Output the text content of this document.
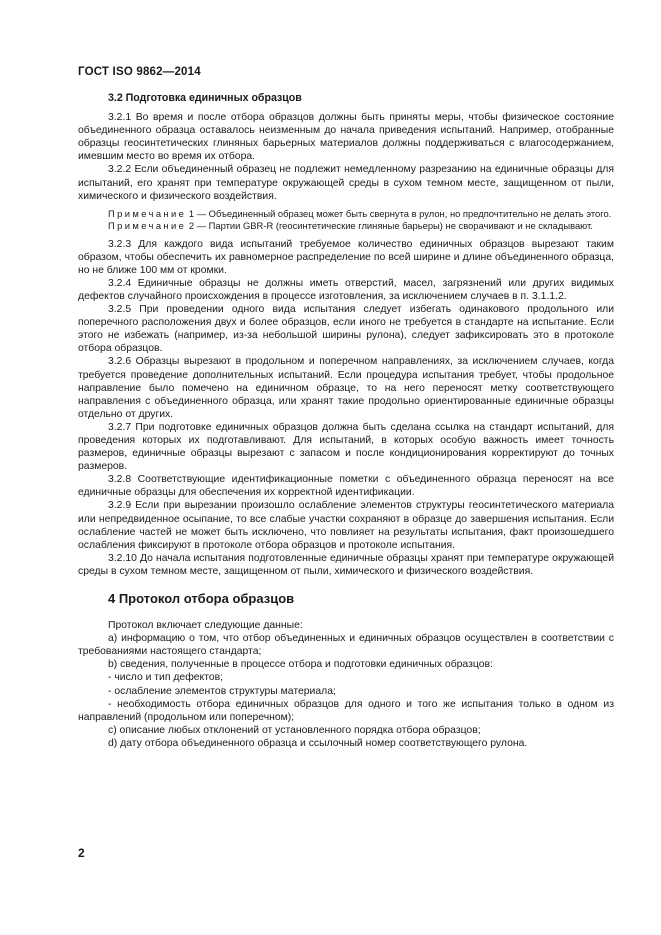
ГОСТ ISO 9862—2014

3.2 Подготовка единичных образцов

3.2.1 Во время и после отбора образцов должны быть приняты меры, чтобы физическое состояние объединенного образца оставалось неизменным до начала приведения испытаний. Например, отобранные образцы геосинтетических глиняных барьерных материалов должны поддерживаться с влагосодержанием, имевшим место во время их отбора.

3.2.2 Если объединенный образец не подлежит немедленному разрезанию на единичные образцы для испытаний, его хранят при температуре окружающей среды в сухом темном месте, защищенном от пыли, химического и физического воздействия.

Примечание 1 — Объединенный образец может быть свернута в рулон, но предпочтительно не делать этого.

Примечание 2 — Партии GBR-R (геосинтетические глиняные барьеры) не сворачивают и не складывают.

3.2.3 Для каждого вида испытаний требуемое количество единичных образцов вырезают таким образом, чтобы обеспечить их равномерное распределение по всей ширине и длине объединенного образца, но не ближе 100 мм от кромки.

3.2.4 Единичные образцы не должны иметь отверстий, масел, загрязнений или других видимых дефектов случайного происхождения в процессе изготовления, за исключением случаев в п. 3.1.1.2.

3.2.5 При проведении одного вида испытания следует избегать одинакового продольного или поперечного расположения двух и более образцов, если иного не требуется в стандарте на испытание. Если этого не избежать (например, из-за небольшой ширины рулона), следует зафиксировать это в протоколе отбора образцов.

3.2.6 Образцы вырезают в продольном и поперечном направлениях, за исключением случаев, когда требуется проведение дополнительных испытаний. Если процедура испытания требует, чтобы продольное направление было помечено на единичном образце, то на него переносят метку соответствующего направления с объединенного образца, или хранят такие продольно ориентированные единичные образцы отдельно от других.

3.2.7 При подготовке единичных образцов должна быть сделана ссылка на стандарт испытаний, для проведения которых их подготавливают. Для испытаний, в которых особую важность имеет точность размеров, единичные образцы вырезают с запасом и после кондиционирования корректируют до точных размеров.

3.2.8 Соответствующие идентификационные пометки с объединенного образца переносят на все единичные образцы для обеспечения их корректной идентификации.

3.2.9 Если при вырезании произошло ослабление элементов структуры геосинтетического материала или непредвиденное осыпание, то все слабые участки сохраняют в образце до завершения испытания. Если ослабление частей не может быть исключено, что повлияет на результаты испытания, факт произошедшего ослабления фиксируют в протоколе отбора образцов и протоколе испытания.

3.2.10 До начала испытания подготовленные единичные образцы хранят при температуре окружающей среды в сухом темном месте, защищенном от пыли, химического и физического воздействия.

4 Протокол отбора образцов

Протокол включает следующие данные:

а) информацию о том, что отбор объединенных и единичных образцов осуществлен в соответствии с требованиями настоящего стандарта;

b) сведения, полученные в процессе отбора и подготовки единичных образцов:

- число и тип дефектов;

- ослабление элементов структуры материала;

- необходимость отбора единичных образцов для одного и того же испытания только в одном из направлений (продольном или поперечном);

с) описание любых отклонений от установленного порядка отбора образцов;

d) дату отбора объединенного образца и ссылочный номер соответствующего рулона.

2
